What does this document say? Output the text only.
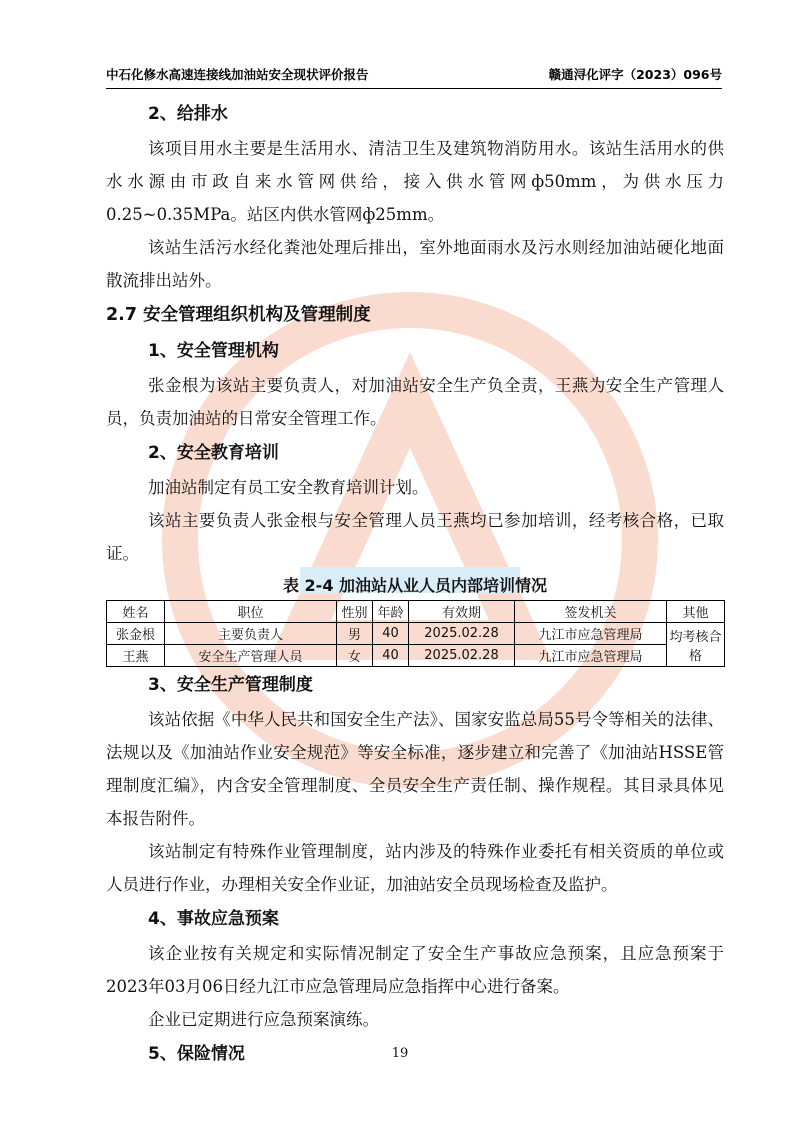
中石化修水高速连接线加油站安全现状评价报告	赣通浔化评字（2023）096号
2、给排水

该项目用水主要是生活用水、清洁卫生及建筑物消防用水。该站生活用水的供水水源由市政自来水管网供给，接入供水管网ф50mm，为供水压力0.25~0.35MPa。站区内供水管网ф25mm。

该站生活污水经化粪池处理后排出，室外地面雨水及污水则经加油站硬化地面散流排出站外。

2.7 安全管理组织机构及管理制度
1、安全管理机构

张金根为该站主要负责人，对加油站安全生产负全责，王燕为安全生产管理人员，负责加油站的日常安全管理工作。

2、安全教育培训

加油站制定有员工安全教育培训计划。

该站主要负责人张金根与安全管理人员王燕均已参加培训，经考核合格，已取证。

表 2-4 加油站从业人员内部培训情况
姓名	职位	性别	年龄	有效期	签发机关	其他
张金根	主要负责人	男	40	2025.02.28	九江市应急管理局	均考核合格
王燕	安全生产管理人员	女	40	2025.02.28	九江市应急管理局	
3、安全生产管理制度

该站依据《中华人民共和国安全生产法》、国家安监总局55号令等相关的法律、法规以及《加油站作业安全规范》等安全标准，逐步建立和完善了《加油站HSSE管理制度汇编》，内含安全管理制度、全员安全生产责任制、操作规程。其目录具体见本报告附件。

该站制定有特殊作业管理制度，站内涉及的特殊作业委托有相关资质的单位或人员进行作业，办理相关安全作业证，加油站安全员现场检查及监护。

4、事故应急预案

该企业按有关规定和实际情况制定了安全生产事故应急预案，且应急预案于2023年03月06日经九江市应急管理局应急指挥中心进行备案。

企业已定期进行应急预案演练。

5、保险情况	19
